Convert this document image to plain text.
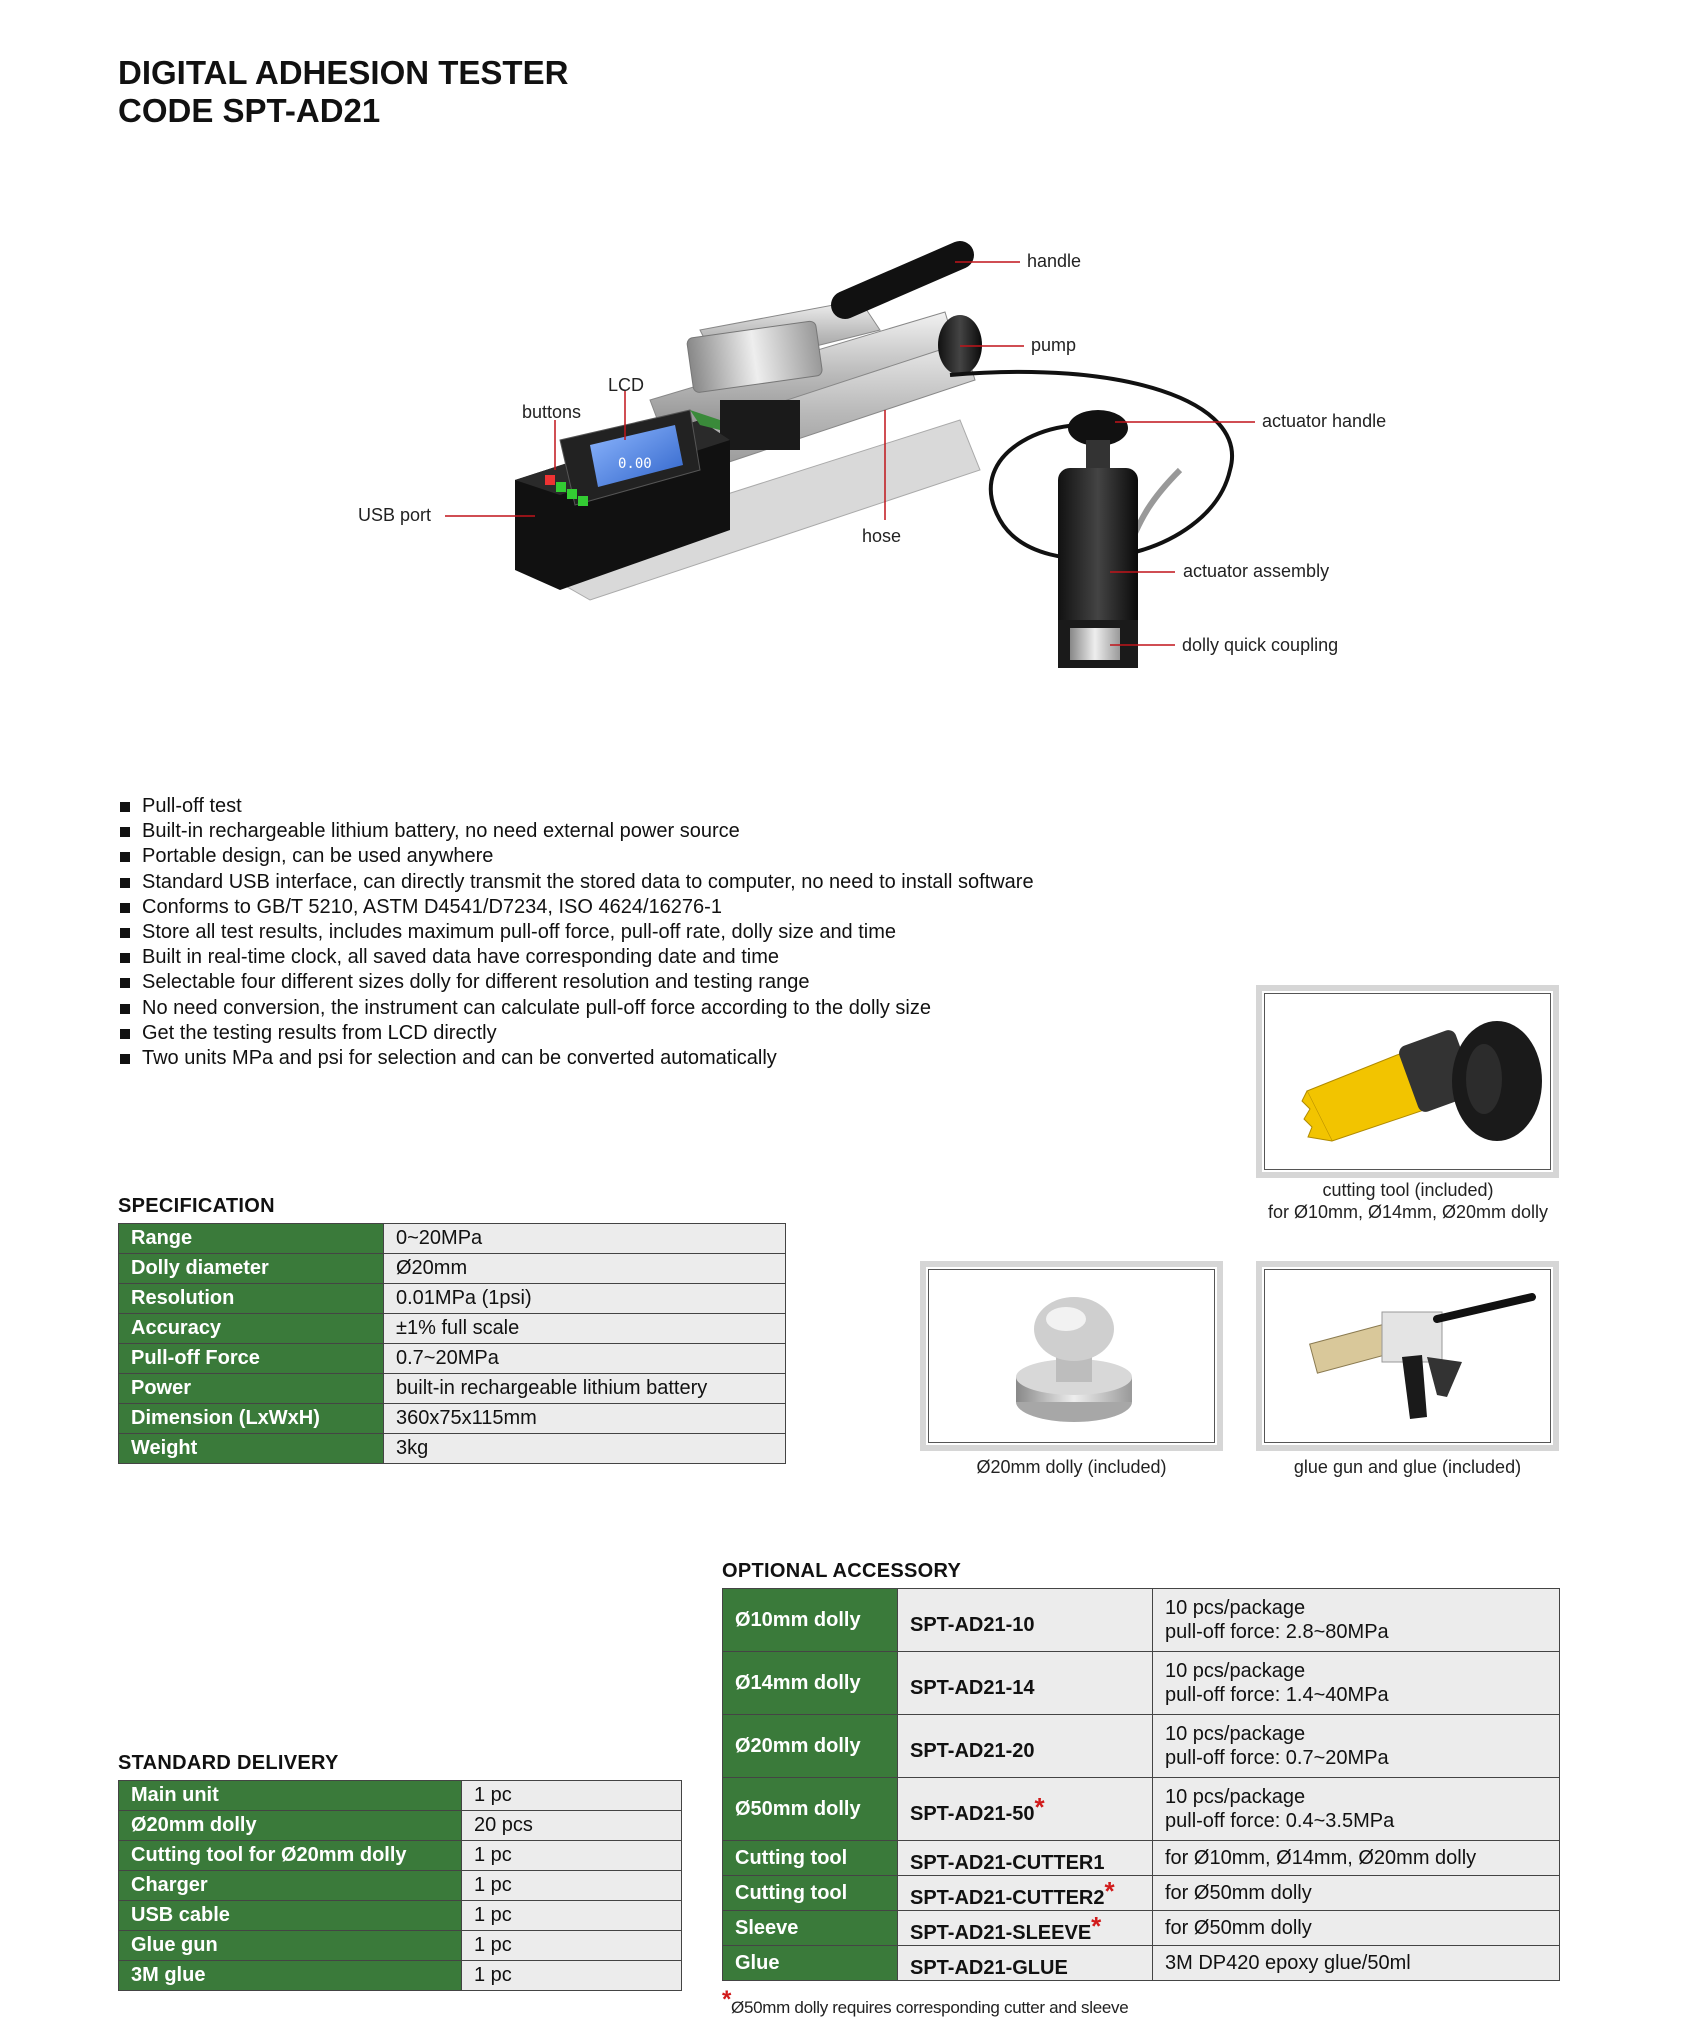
DIGITAL ADHESION TESTER
CODE SPT-AD21
0.00
handle
pump
LCD
buttons	actuator handle
USB port
hose
actuator assembly
dolly quick coupling
Pull-off test
Built-in rechargeable lithium battery, no need external power source
Portable design, can be used anywhere
Standard USB interface, can directly transmit the stored data to computer, no need to install software
Conforms to GB/T 5210, ASTM D4541/D7234, ISO 4624/16276-1
Store all test results, includes maximum pull-off force, pull-off rate, dolly size and time
Built in real-time clock, all saved data have corresponding date and time
Selectable four different sizes dolly for different resolution and testing range
No need conversion, the instrument can calculate pull-off force according to the dolly size
Get the testing results from LCD directly
Two units MPa and psi for selection and can be converted automatically
cutting tool (included)
for Ø10mm, Ø14mm, Ø20mm dolly
Ø20mm dolly (included)	glue gun and glue (included)
SPECIFICATION
Range	0~20MPa
Dolly diameter	Ø20mm
Resolution	0.01MPa (1psi)
Accuracy	±1% full scale
Pull-off Force	0.7~20MPa
Power	built-in rechargeable lithium battery
Dimension (LxWxH)	360x75x115mm
Weight	3kg
STANDARD DELIVERY
Main unit	1 pc
Ø20mm dolly	20 pcs
Cutting tool for Ø20mm dolly	1 pc
Charger	1 pc
USB cable	1 pc
Glue gun	1 pc
3M glue	1 pc
OPTIONAL ACCESSORY
Ø10mm dolly	SPT-AD21-10	10 pcs/package
pull-off force: 2.8~80MPa

Ø14mm dolly	SPT-AD21-14	10 pcs/package
pull-off force: 1.4~40MPa

Ø20mm dolly	SPT-AD21-20	10 pcs/package
pull-off force: 0.7~20MPa

Ø50mm dolly	SPT-AD21-50*	10 pcs/package
pull-off force: 0.4~3.5MPa

Cutting tool	SPT-AD21-CUTTER1	for Ø10mm, Ø14mm, Ø20mm dolly
Cutting tool	SPT-AD21-CUTTER2*	for Ø50mm dolly
Sleeve	SPT-AD21-SLEEVE*	for Ø50mm dolly
Glue	SPT-AD21-GLUE	3M DP420 epoxy glue/50ml
*Ø50mm dolly requires corresponding cutter and sleeve
